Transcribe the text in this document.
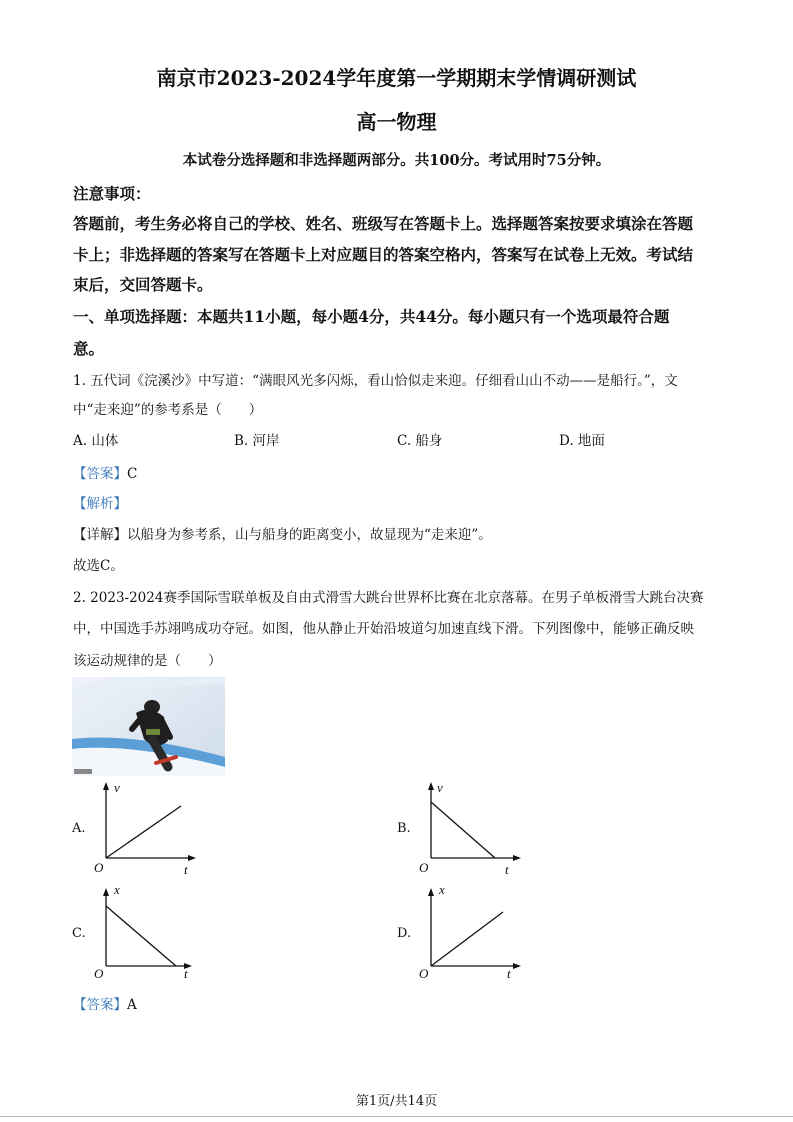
南京市2023-2024学年度第一学期期末学情调研测试
高一物理
本试卷分选择题和非选择题两部分。共100分。考试用时75分钟。
注意事项：
答题前，考生务必将自己的学校、姓名、班级写在答题卡上。选择题答案按要求填涂在答题
卡上；非选择题的答案写在答题卡上对应题目的答案空格内，答案写在试卷上无效。考试结
束后，交回答题卡。
一、单项选择题：本题共11小题，每小题4分，共44分。每小题只有一个选项最符合题
意。
1. 五代词《浣溪沙》中写道：“满眼风光多闪烁，看山恰似走来迎。仔细看山山不动——是船行。”，文
中“走来迎”的参考系是（　　）
A. 山体	B. 河岸	C. 船身	D. 地面
【答案】C
【解析】
【详解】以船身为参考系，山与船身的距离变小，故显现为“走来迎”。
故选C。
2. 2023-2024赛季国际雪联单板及自由式滑雪大跳台世界杯比赛在北京落幕。在男子单板滑雪大跳台决赛
中，中国选手苏翊鸣成功夺冠。如图，他从静止开始沿坡道匀加速直线下滑。下列图像中，能够正确反映
该运动规律的是（　　）
A.
v
O	t
B.
v
O	t
C.
x
O	t
D.
x
O	t
【答案】A
第1页/共14页
